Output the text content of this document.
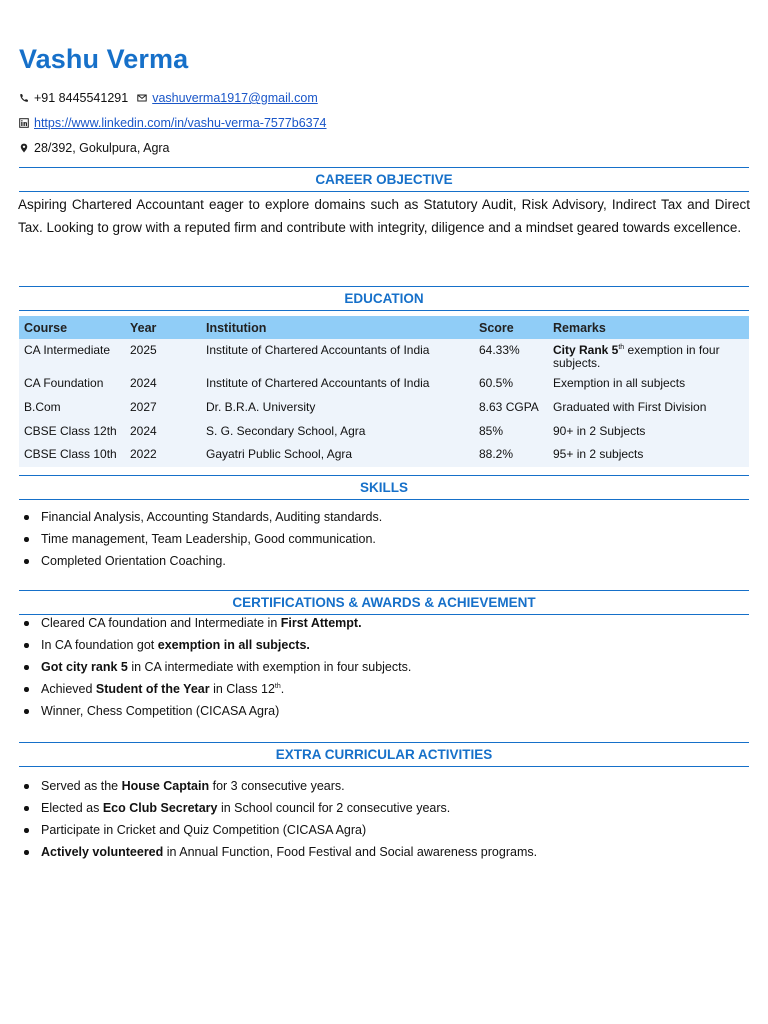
Vashu Verma
+91 8445541291 vashuverma1917@gmail.com
https://www.linkedin.com/in/vashu-verma-7577b6374
28/392, Gokulpura, Agra
CAREER OBJECTIVE
Aspiring Chartered Accountant eager to explore domains such as Statutory Audit, Risk Advisory, Indirect Tax and Direct Tax. Looking to grow with a reputed firm and contribute with integrity, diligence and a mindset geared towards excellence.
EDUCATION
Course	Year	Institution	Score	Remarks
CA Intermediate	2025	Institute of Chartered Accountants of India	64.33%	City Rank 5th exemption in four subjects.
CA Foundation	2024	Institute of Chartered Accountants of India	60.5%	Exemption in all subjects
B.Com	2027	Dr. B.R.A. University	8.63 CGPA	Graduated with First Division
CBSE Class 12th	2024	S. G. Secondary School, Agra	85%	90+ in 2 Subjects
CBSE Class 10th	2022	Gayatri Public School, Agra	88.2%	95+ in 2 subjects
SKILLS
Financial Analysis, Accounting Standards, Auditing standards.
Time management, Team Leadership, Good communication.
Completed Orientation Coaching.
CERTIFICATIONS & AWARDS & ACHIEVEMENT
Cleared CA foundation and Intermediate in First Attempt.
In CA foundation got exemption in all subjects.
Got city rank 5 in CA intermediate with exemption in four subjects.
Achieved Student of the Year in Class 12th.
Winner, Chess Competition (CICASA Agra)
EXTRA CURRICULAR ACTIVITIES
Served as the House Captain for 3 consecutive years.
Elected as Eco Club Secretary in School council for 2 consecutive years.
Participate in Cricket and Quiz Competition (CICASA Agra)
Actively volunteered in Annual Function, Food Festival and Social awareness programs.
